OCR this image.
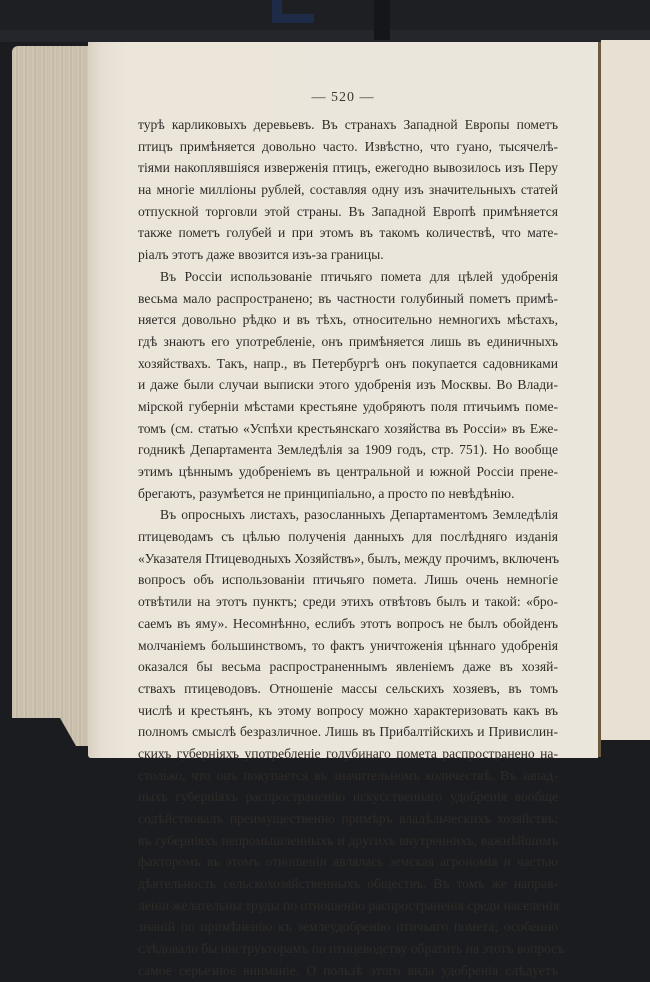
— 520 —
турѣ карликовыхъ деревьевъ. Въ странахъ Западной Европы пометъ
птицъ примѣняется довольно часто. Извѣстно, что гуано, тысячелѣ-
тіями накоплявшіяся изверженія птицъ, ежегодно вывозилось изъ Перу
на многіе милліоны рублей, составляя одну изъ значительныхъ статей
отпускной торговли этой страны. Въ Западной Европѣ примѣняется
также пометъ голубей и при этомъ въ такомъ количествѣ, что мате-
ріалъ этотъ даже ввозится изъ-за границы.
Въ Россіи использованіе птичьяго помета для цѣлей удобренія
весьма мало распространено; въ частности голубиный пометъ примѣ-
няется довольно рѣдко и въ тѣхъ, относительно немногихъ мѣстахъ,
гдѣ знаютъ его употребленіе, онъ примѣняется лишь въ единичныхъ
хозяйствахъ. Такъ, напр., въ Петербургѣ онъ покупается садовниками
и даже были случаи выписки этого удобренія изъ Москвы. Во Влади-
мірской губерніи мѣстами крестьяне удобряютъ поля птичьимъ поме-
томъ (см. статью «Успѣхи крестьянскаго хозяйства въ Россіи» въ Еже-
годникѣ Департамента Земледѣлія за 1909 годъ, стр. 751). Но вообще
этимъ цѣннымъ удобреніемъ въ центральной и южной Россіи прене-
брегаютъ, разумѣется не принципіально, а просто по невѣдѣнію.
Въ опросныхъ листахъ, разосланныхъ Департаментомъ Земледѣлія
птицеводамъ съ цѣлью полученія данныхъ для послѣдняго изданія
«Указателя Птицеводныхъ Хозяйствъ», былъ, между прочимъ, включенъ
вопросъ объ использованіи птичьяго помета. Лишь очень немногіе
отвѣтили на этотъ пунктъ; среди этихъ отвѣтовъ былъ и такой: «бро-
саемъ въ яму». Несомнѣнно, еслибъ этотъ вопросъ не былъ обойденъ
молчаніемъ большинствомъ, то фактъ уничтоженія цѣннаго удобренія
оказался бы весьма распространеннымъ явленіемъ даже въ хозяй-
ствахъ птицеводовъ. Отношеніе массы сельскихъ хозяевъ, въ томъ
числѣ и крестьянъ, къ этому вопросу можно характеризовать какъ въ
полномъ смыслѣ безразличное. Лишь въ Прибалтійскихъ и Привислин-
скихъ губерніяхъ употребленіе голубинаго помета распространено на-
столько, что онъ покупается въ значительномъ количествѣ. Въ запад-
ныхъ губерніяхъ распространенію искусственнаго удобренія вообще
содѣйствовалъ преимущественно примѣръ владѣльческихъ хозяйствъ;
въ губерніяхъ непромышленныхъ и другихъ внутреннихъ, важнѣйшимъ
факторомъ въ этомъ отношеніи являлась земская агрономія и частью
дѣятельность сельскохозяйственныхъ обществъ. Въ томъ же направ-
леніи желательны труды по отношенію распространенія среди населенія
знаній по примѣненію къ землеудобренію птичьяго помета; особенно
слѣдовало бы инструкторамъ по птицеводству обратить на этотъ вопросъ
самое серьезное вниманіе. О пользѣ этого вида удобренія слѣдуетъ
